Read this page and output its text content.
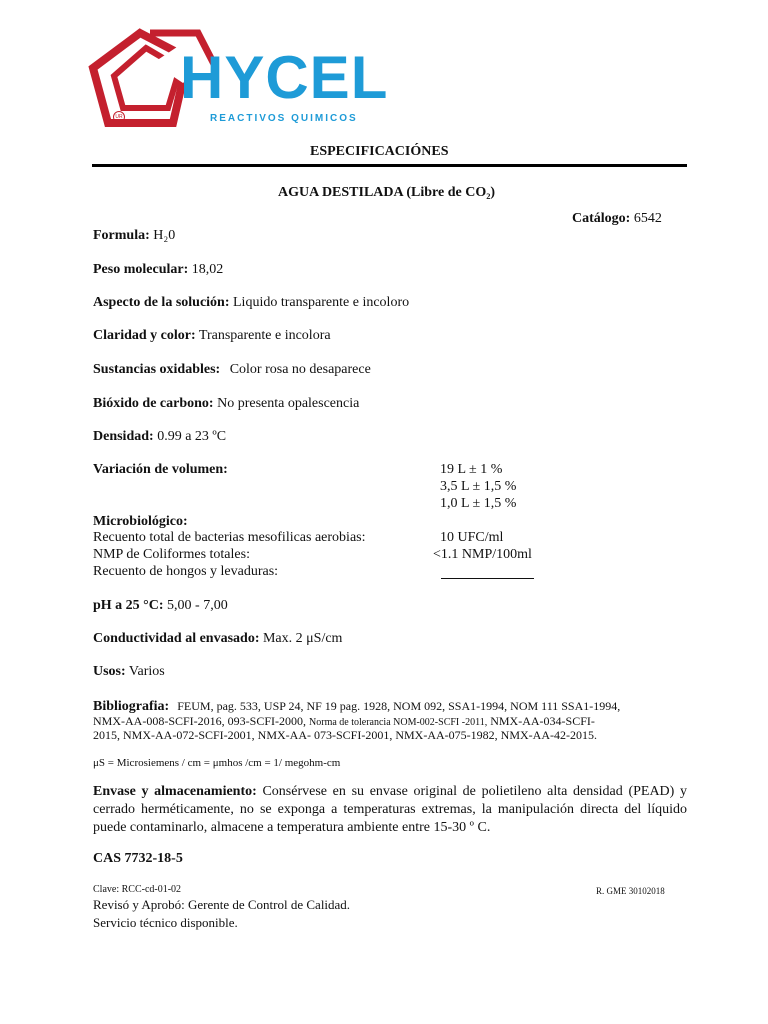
HYCEL
REACTIVOS QUIMICOS
UR
ESPECIFICACIÓNES
AGUA DESTILADA (Libre de CO₂)
Catálogo: 6542
Formula: H₂0
Peso molecular: 18,02
Aspecto de la solución: Liquido transparente e incoloro
Claridad y color: Transparente e incolora
Sustancias oxidables: Color rosa no desaparece
Bióxido de carbono: No presenta opalescencia
Densidad: 0.99 a 23 ºC
Variación de volumen:	19 L ± 1 %
3,5 L ± 1,5 %
1,0 L ± 1,5 %
Microbiológico:
Recuento total de bacterias mesofilicas aerobias:	10 UFC/ml
NMP de Coliformes totales:	<1.1 NMP/100ml
Recuento de hongos y levaduras:
pH a 25 °C: 5,00 - 7,00
Conductividad al envasado: Max. 2 μS/cm
Usos: Varios
Bibliografia: FEUM, pag. 533, USP 24, NF 19 pag. 1928, NOM 092, SSA1-1994, NOM 111 SSA1-1994,
NMX-AA-008-SCFI-2016, 093-SCFI-2000, Norma de tolerancia NOM-002-SCFI -2011, NMX-AA-034-SCFI-
2015, NMX-AA-072-SCFI-2001, NMX-AA- 073-SCFI-2001, NMX-AA-075-1982, NMX-AA-42-2015.
μS = Microsiemens / cm = μmhos /cm = 1/ megohm-cm
Envase y almacenamiento: Consérvese en su envase original de polietileno alta densidad (PEAD) y cerrado herméticamente, no se exponga a temperaturas extremas, la manipulación directa del líquido puede contaminarlo, almacene a temperatura ambiente entre 15-30 º C.
CAS 7732-18-5
Clave: RCC-cd-01-02	R. GME 30102018
Revisó y Aprobó: Gerente de Control de Calidad.
Servicio técnico disponible.
